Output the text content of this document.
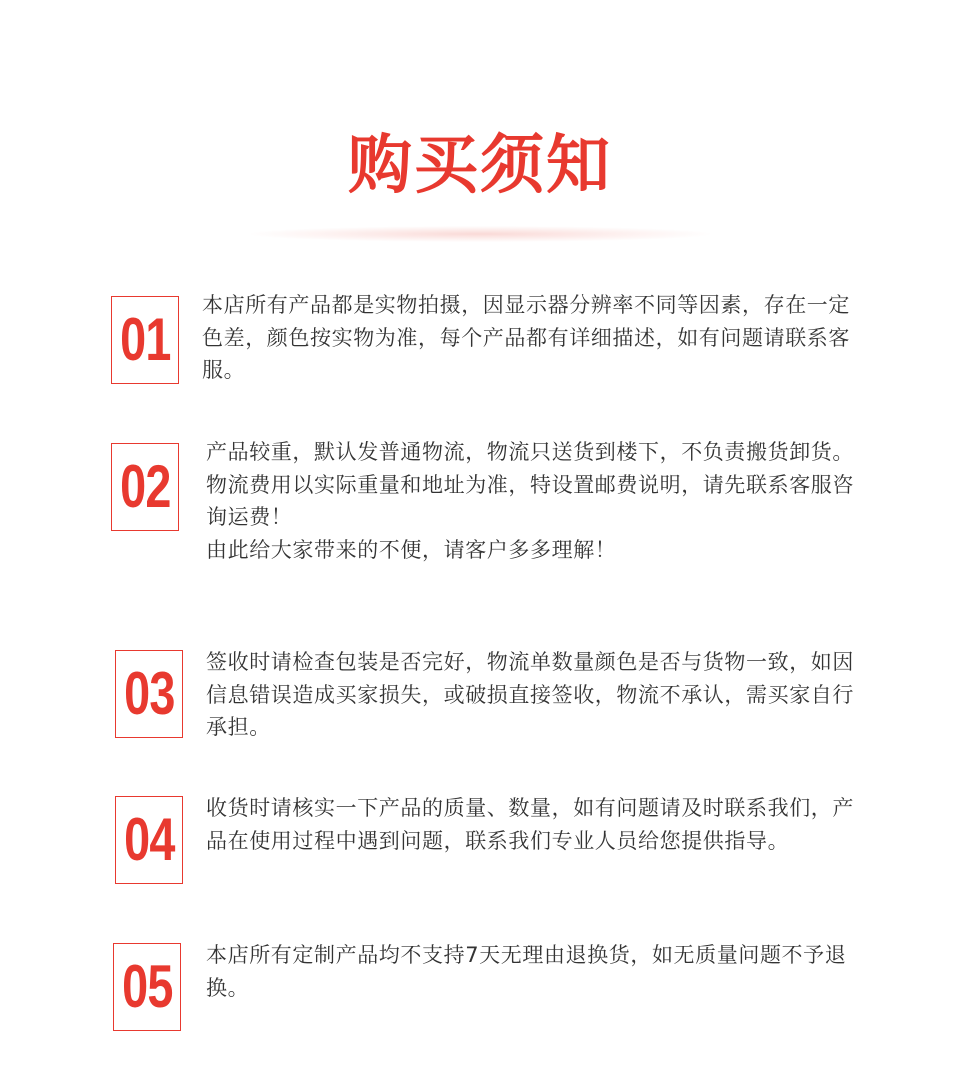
购买须知
01

本店所有产品都是实物拍摄，因显示器分辨率不同等因素，存在一定色差，颜色按实物为准，每个产品都有详细描述，如有问题请联系客服。

02

产品较重，默认发普通物流，物流只送货到楼下，不负责搬货卸货。

物流费用以实际重量和地址为准，特设置邮费说明，请先联系客服咨询运费！

由此给大家带来的不便，请客户多多理解！

03 签收时请检查包装是否完好，物流单数量颜色是否与货物一致，如因信息错误造成买家损失，或破损直接签收，物流不承认，需买家自行承担。

04 收货时请核实一下产品的质量、数量，如有问题请及时联系我们，产品在使用过程中遇到问题，联系我们专业人员给您提供指导。

05 本店所有定制产品均不支持7天无理由退换货，如无质量问题不予退换。
